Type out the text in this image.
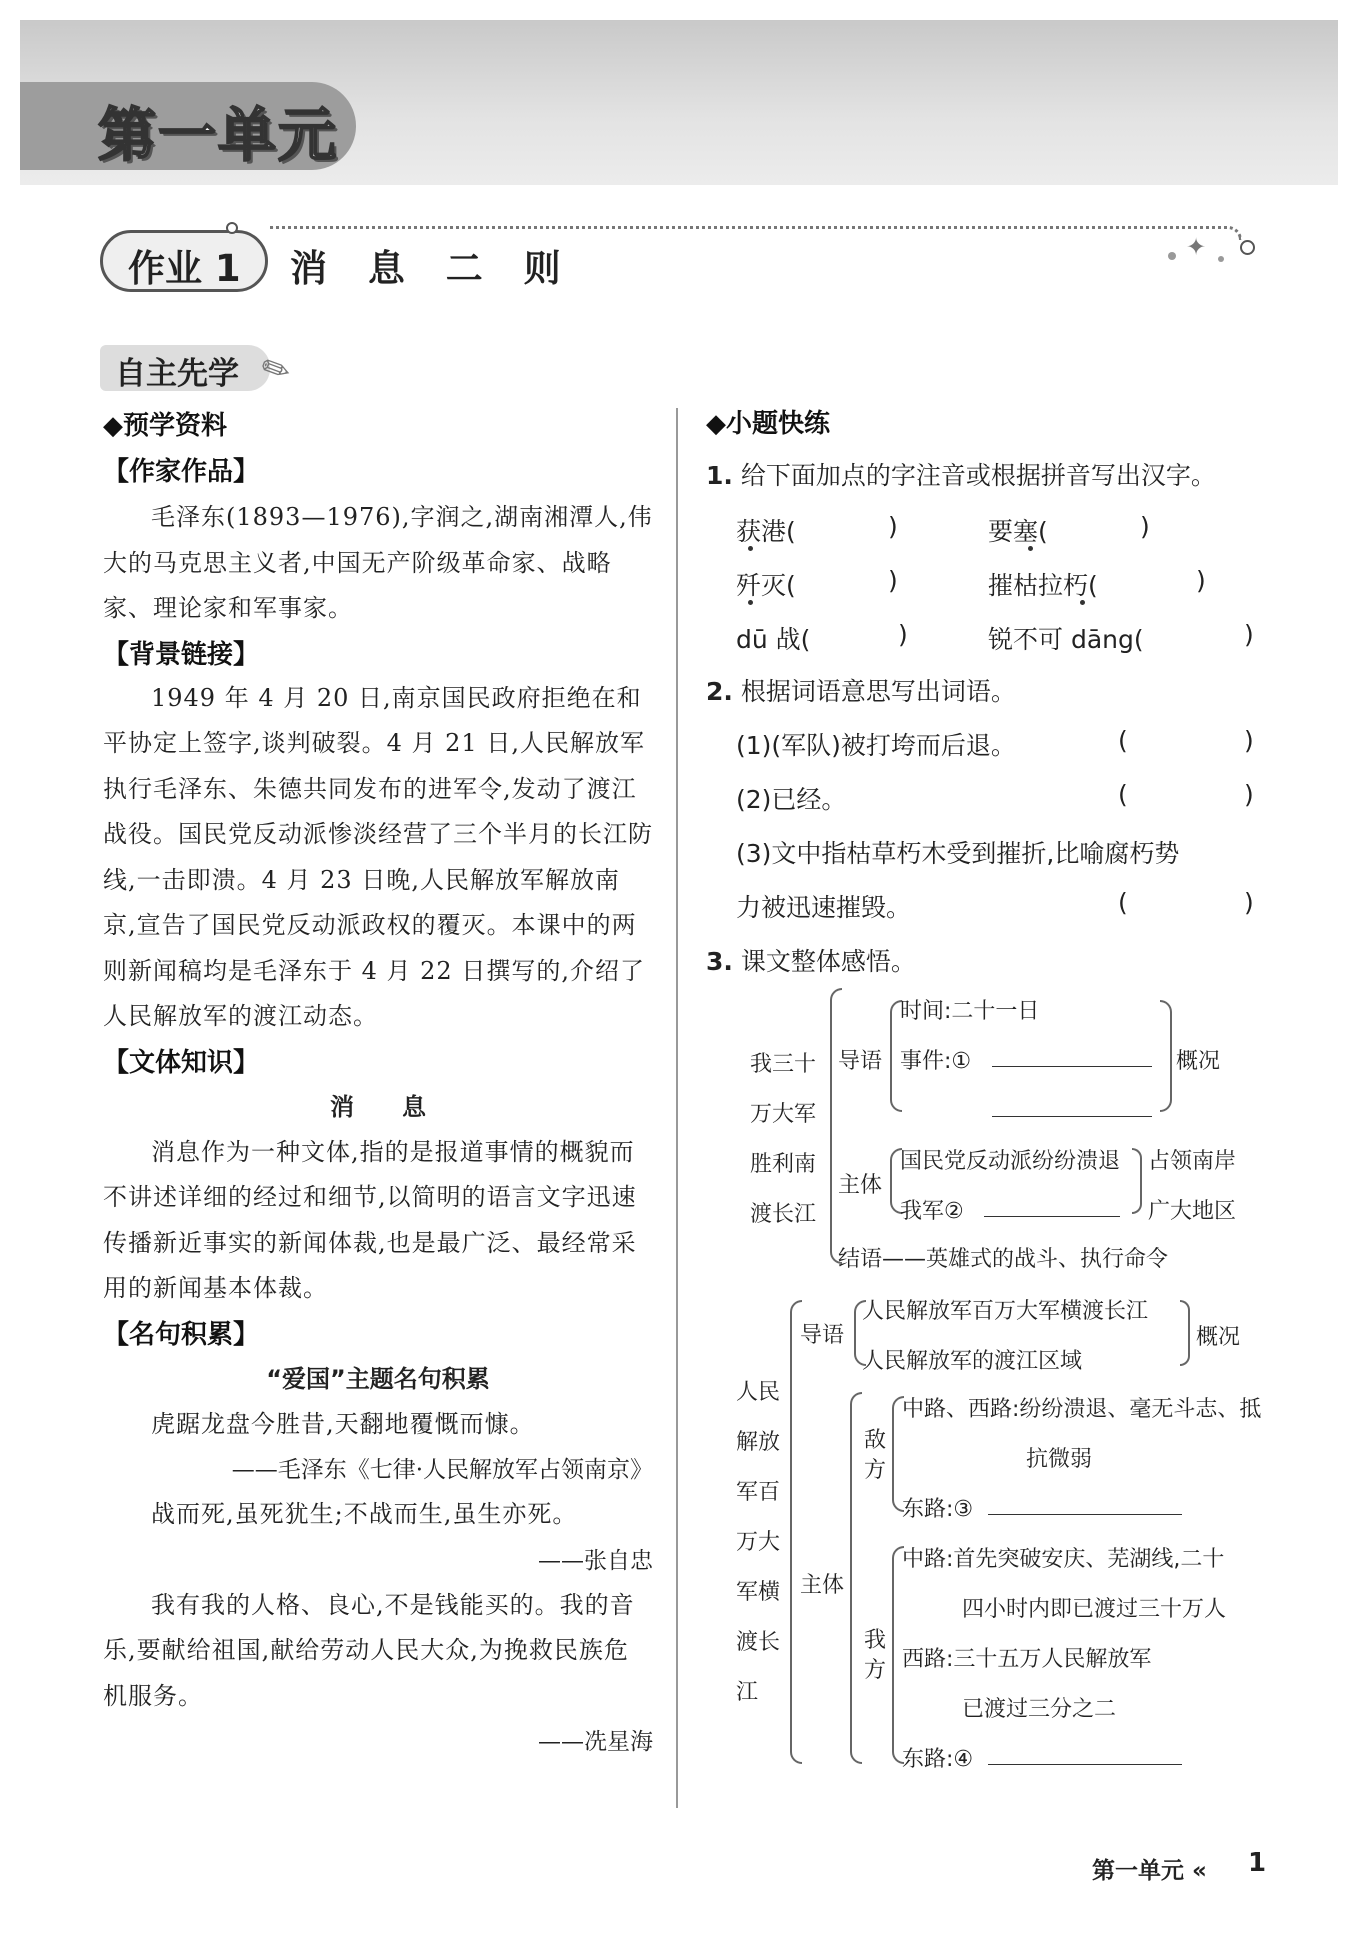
第一单元
✦
作业 1 消 息 二 则
自主先学 ✎
◆预学资料
【作家作品】
毛泽东(1893—1976),字润之,湖南湘潭人,伟大的马克思主义者,中国无产阶级革命家、战略家、理论家和军事家。
【背景链接】
1949 年 4 月 20 日,南京国民政府拒绝在和平协定上签字,谈判破裂。4 月 21 日,人民解放军执行毛泽东、朱德共同发布的进军令,发动了渡江战役。国民党反动派惨淡经营了三个半月的长江防线,一击即溃。4 月 23 日晚,人民解放军解放南京,宣告了国民党反动派政权的覆灭。本课中的两则新闻稿均是毛泽东于 4 月 22 日撰写的,介绍了人民解放军的渡江动态。
【文体知识】
消　　息
消息作为一种文体,指的是报道事情的概貌而不讲述详细的经过和细节,以简明的语言文字迅速传播新近事实的新闻体裁,也是最广泛、最经常采用的新闻基本体裁。
【名句积累】
“爱国”主题名句积累
虎踞龙盘今胜昔,天翻地覆慨而慷。
——毛泽东《七律·人民解放军占领南京》
战而死,虽死犹生;不战而生,虽生亦死。
——张自忠
我有我的人格、良心,不是钱能买的。我的音乐,要献给祖国,献给劳动人民大众,为挽救民族危机服务。
——冼星海
◆小题快练
1. 给下面加点的字注音或根据拼音写出汉字。
获港(	)	要塞(	)
歼灭(	)	摧枯拉朽(	)
dū 战(	)	锐不可 dāng(	)
2. 根据词语意思写出词语。
(1)(军队)被打垮而后退。	(	)
(2)已经。	(	)
(3)文中指枯草朽木受到摧折,比喻腐朽势
力被迅速摧毁。	(	)
3. 课文整体感悟。
我三十
万大军
胜利南
渡长江
导语
时间:二十一日
事件:①	概况
主体
国民党反动派纷纷溃退
我军②
占领南岸
广大地区
结语——英雄式的战斗、执行命令
人民
解放
军百
万大
军横
渡长
江
导语
人民解放军百万大军横渡长江
人民解放军的渡江区域
概况
主体
敌
方
中路、西路:纷纷溃退、毫无斗志、抵
抗微弱
东路:③
我
方
中路:首先突破安庆、芜湖线,二十
四小时内即已渡过三十万人
西路:三十五万人民解放军
已渡过三分之二
东路:④
第一单元 « 1
